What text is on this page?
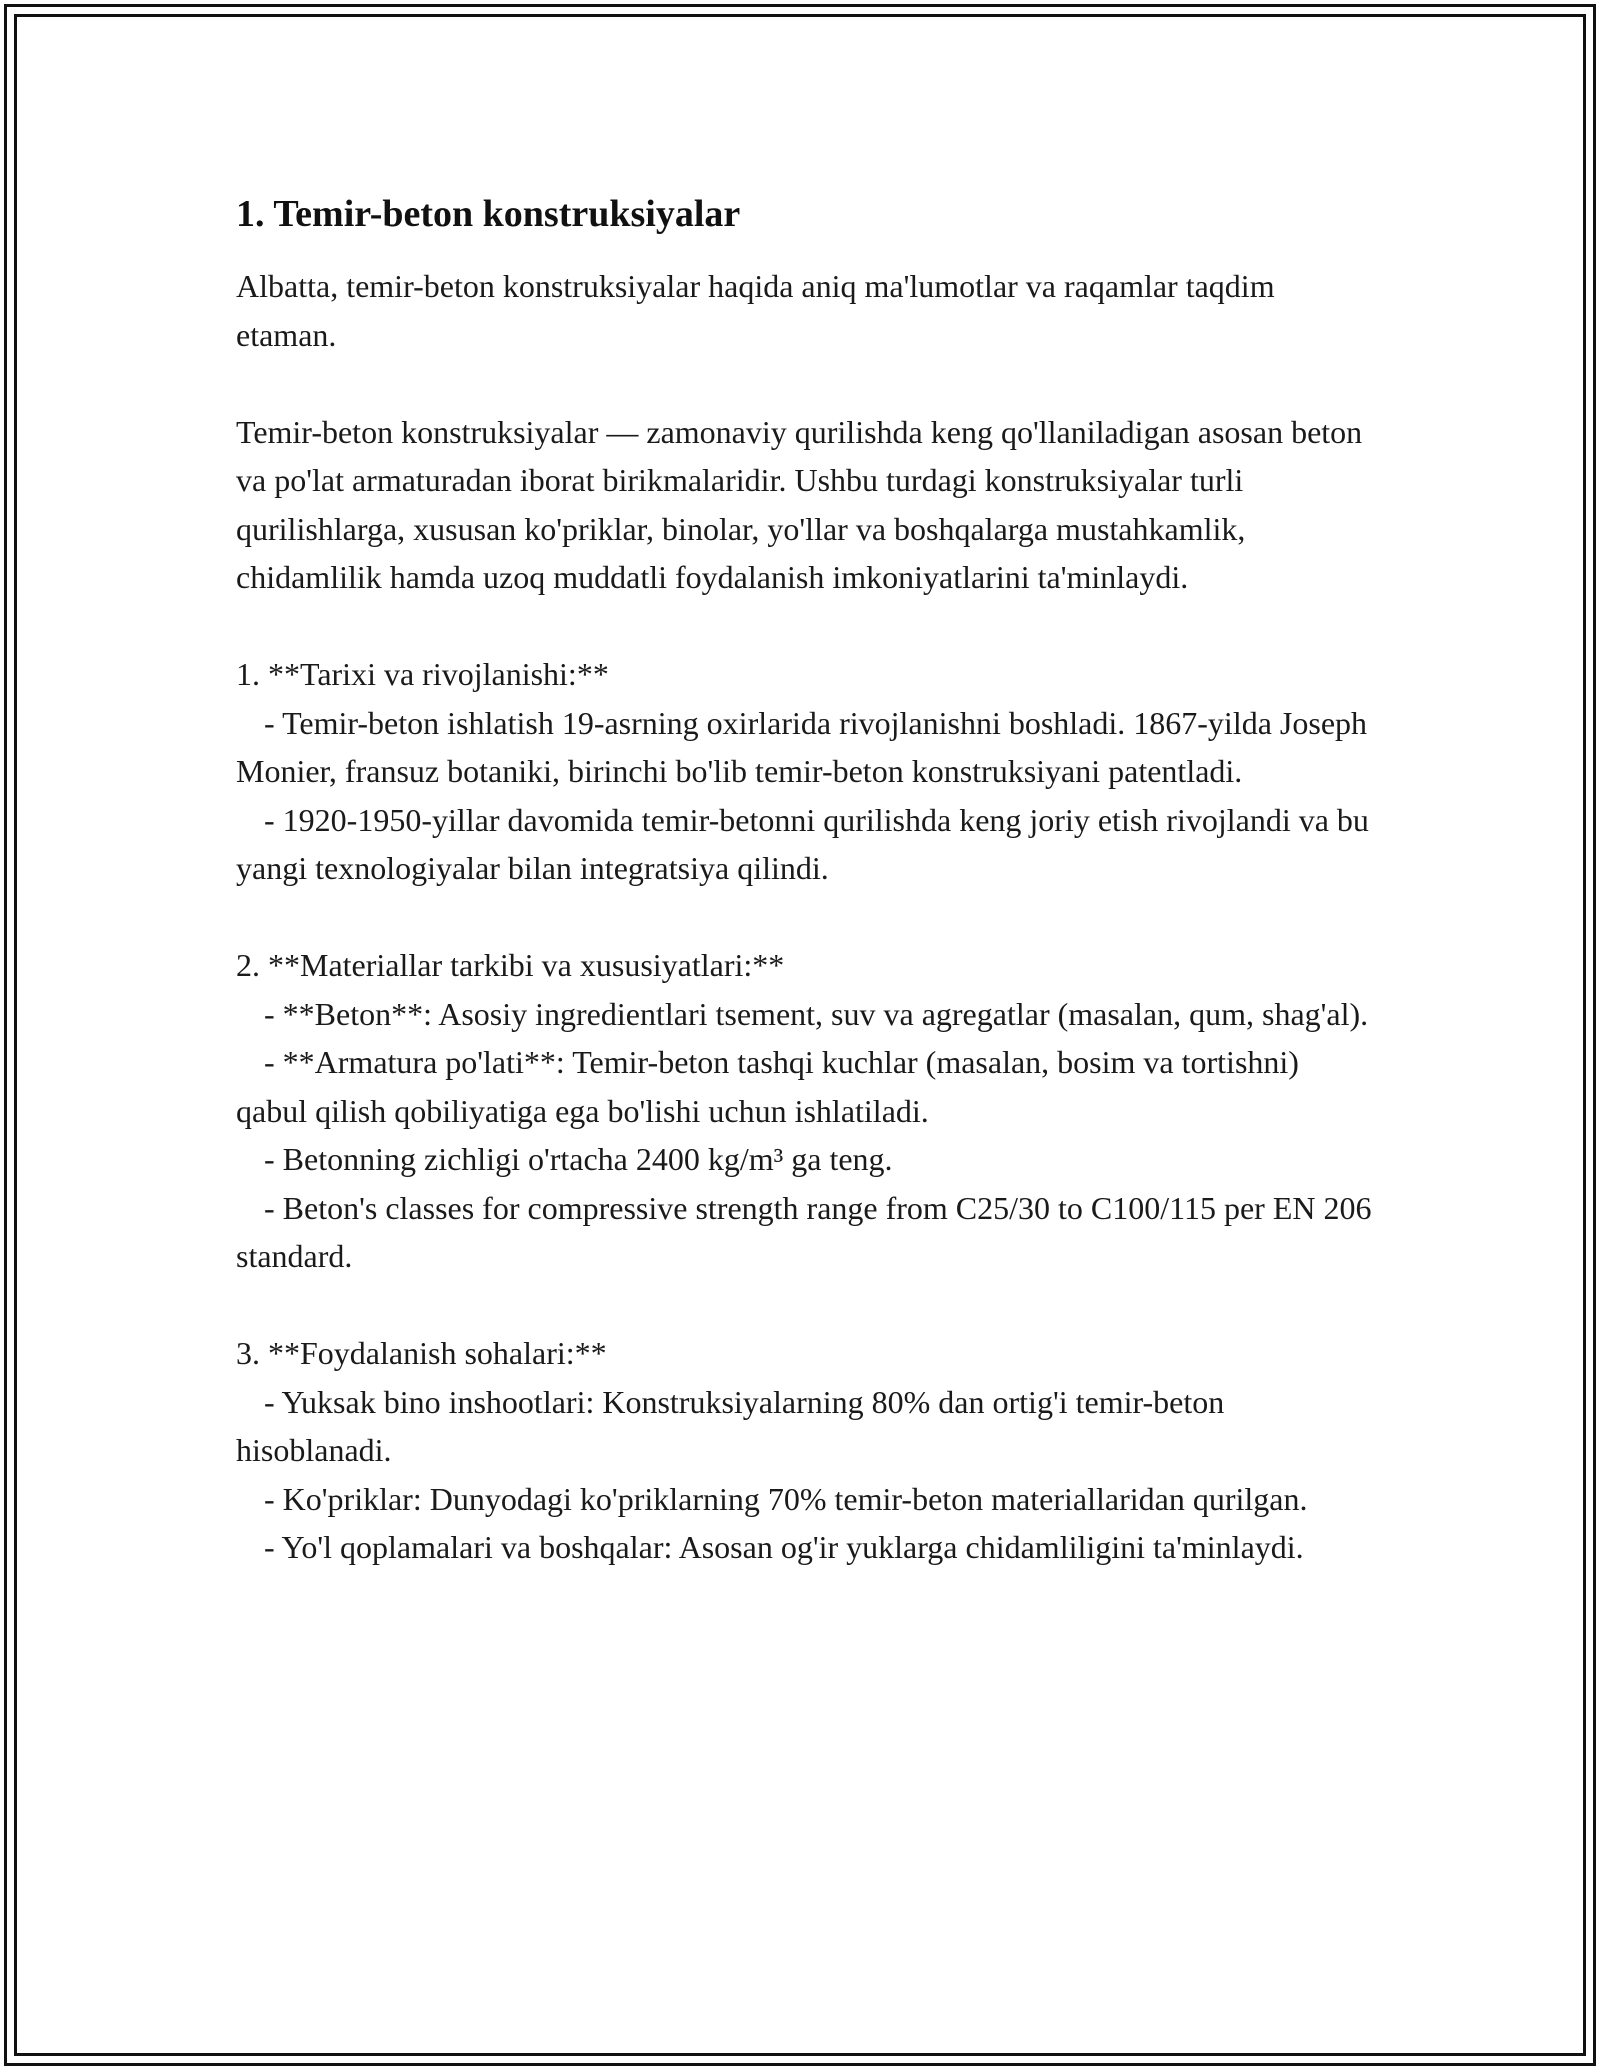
1. Temir-beton konstruksiyalar

Albatta, temir-beton konstruksiyalar haqida aniq ma'lumotlar va raqamlar taqdim etaman.

Temir-beton konstruksiyalar — zamonaviy qurilishda keng qo'llaniladigan asosan beton va po'lat armaturadan iborat birikmalaridir. Ushbu turdagi konstruksiyalar turli qurilishlarga, xususan ko'priklar, binolar, yo'llar va boshqalarga mustahkamlik, chidamlilik hamda uzoq muddatli foydalanish imkoniyatlarini ta'minlaydi.

1. **Tarixi va rivojlanishi:**

- Temir-beton ishlatish 19-asrning oxirlarida rivojlanishni boshladi. 1867-yilda Joseph Monier, fransuz botaniki, birinchi bo'lib temir-beton konstruksiyani patentladi.

- 1920-1950-yillar davomida temir-betonni qurilishda keng joriy etish rivojlandi va bu yangi texnologiyalar bilan integratsiya qilindi.

2. **Materiallar tarkibi va xususiyatlari:**

- **Beton**: Asosiy ingredientlari tsement, suv va agregatlar (masalan, qum, shag'al).

- **Armatura po'lati**: Temir-beton tashqi kuchlar (masalan, bosim va tortishni) qabul qilish qobiliyatiga ega bo'lishi uchun ishlatiladi.

- Betonning zichligi o'rtacha 2400 kg/m³ ga teng.

- Beton's classes for compressive strength range from C25/30 to C100/115 per EN 206 standard.

3. **Foydalanish sohalari:**

- Yuksak bino inshootlari: Konstruksiyalarning 80% dan ortig'i temir-beton hisoblanadi.

- Ko'priklar: Dunyodagi ko'priklarning 70% temir-beton materiallaridan qurilgan.

- Yo'l qoplamalari va boshqalar: Asosan og'ir yuklarga chidamliligini ta'minlaydi.
